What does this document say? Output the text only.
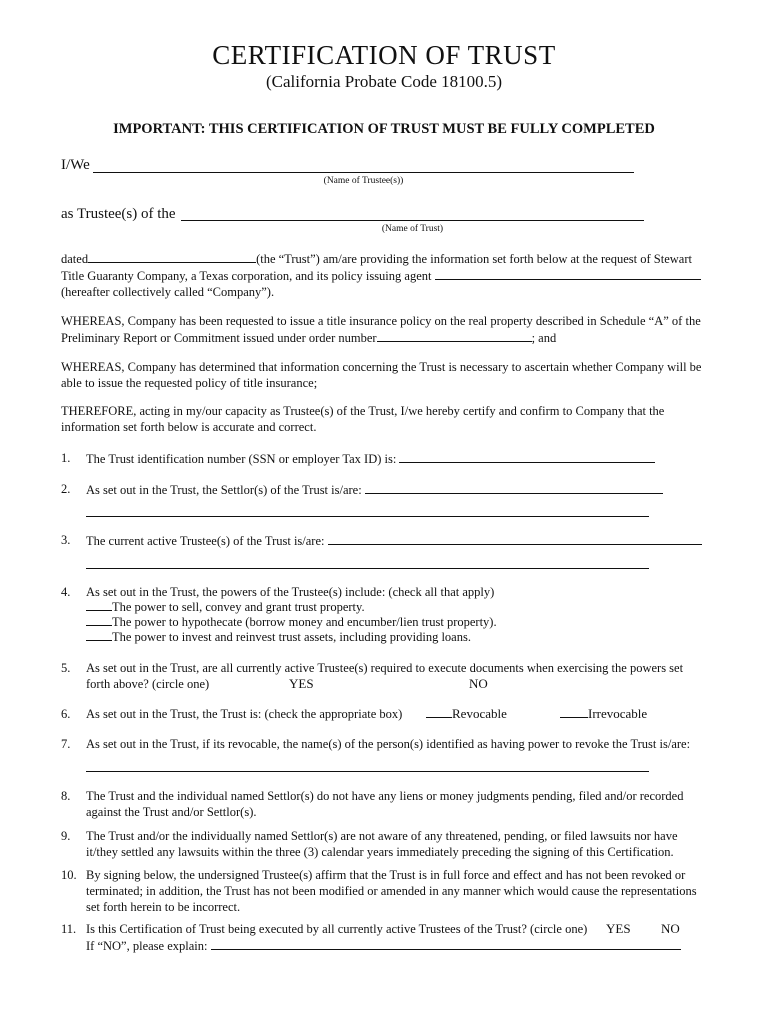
CERTIFICATION OF TRUST
(California Probate Code 18100.5)
IMPORTANT: THIS CERTIFICATION OF TRUST MUST BE FULLY COMPLETED
I/We
(Name of Trustee(s))
as Trustee(s) of the
(Name of Trust)
dated	(the “Trust”) am/are providing the information set forth below at the request of Stewart
Title Guaranty Company, a Texas corporation, and its policy issuing agent
(hereafter collectively called “Company”).
WHEREAS, Company has been requested to issue a title insurance policy on the real property described in Schedule “A” of the
Preliminary Report or Commitment issued under order number	; and
WHEREAS, Company has determined that information concerning the Trust is necessary to ascertain whether Company will be
able to issue the requested policy of title insurance;
THEREFORE, acting in my/our capacity as Trustee(s) of the Trust, I/we hereby certify and confirm to Company that the
information set forth below is accurate and correct.
1. The Trust identification number (SSN or employer Tax ID) is:
2. As set out in the Trust, the Settlor(s) of the Trust is/are:
3. The current active Trustee(s) of the Trust is/are:
4. As set out in the Trust, the powers of the Trustee(s) include: (check all that apply)
The power to sell, convey and grant trust property.
The power to hypothecate (borrow money and encumber/lien trust property).
The power to invest and reinvest trust assets, including providing loans.
5. As set out in the Trust, are all currently active Trustee(s) required to execute documents when exercising the powers set
forth above? (circle one)	YES	NO
6. As set out in the Trust, the Trust is: (check the appropriate box)	Revocable	Irrevocable
7. As set out in the Trust, if its revocable, the name(s) of the person(s) identified as having power to revoke the Trust is/are:
8. The Trust and the individual named Settlor(s) do not have any liens or money judgments pending, filed and/or recorded
against the Trust and/or Settlor(s).
9. The Trust and/or the individually named Settlor(s) are not aware of any threatened, pending, or filed lawsuits nor have
it/they settled any lawsuits within the three (3) calendar years immediately preceding the signing of this Certification.
10. By signing below, the undersigned Trustee(s) affirm that the Trust is in full force and effect and has not been revoked or
terminated; in addition, the Trust has not been modified or amended in any manner which would cause the representations
set forth herein to be incorrect.
11. Is this Certification of Trust being executed by all currently active Trustees of the Trust? (circle one) YES NO
If “NO”, please explain:
